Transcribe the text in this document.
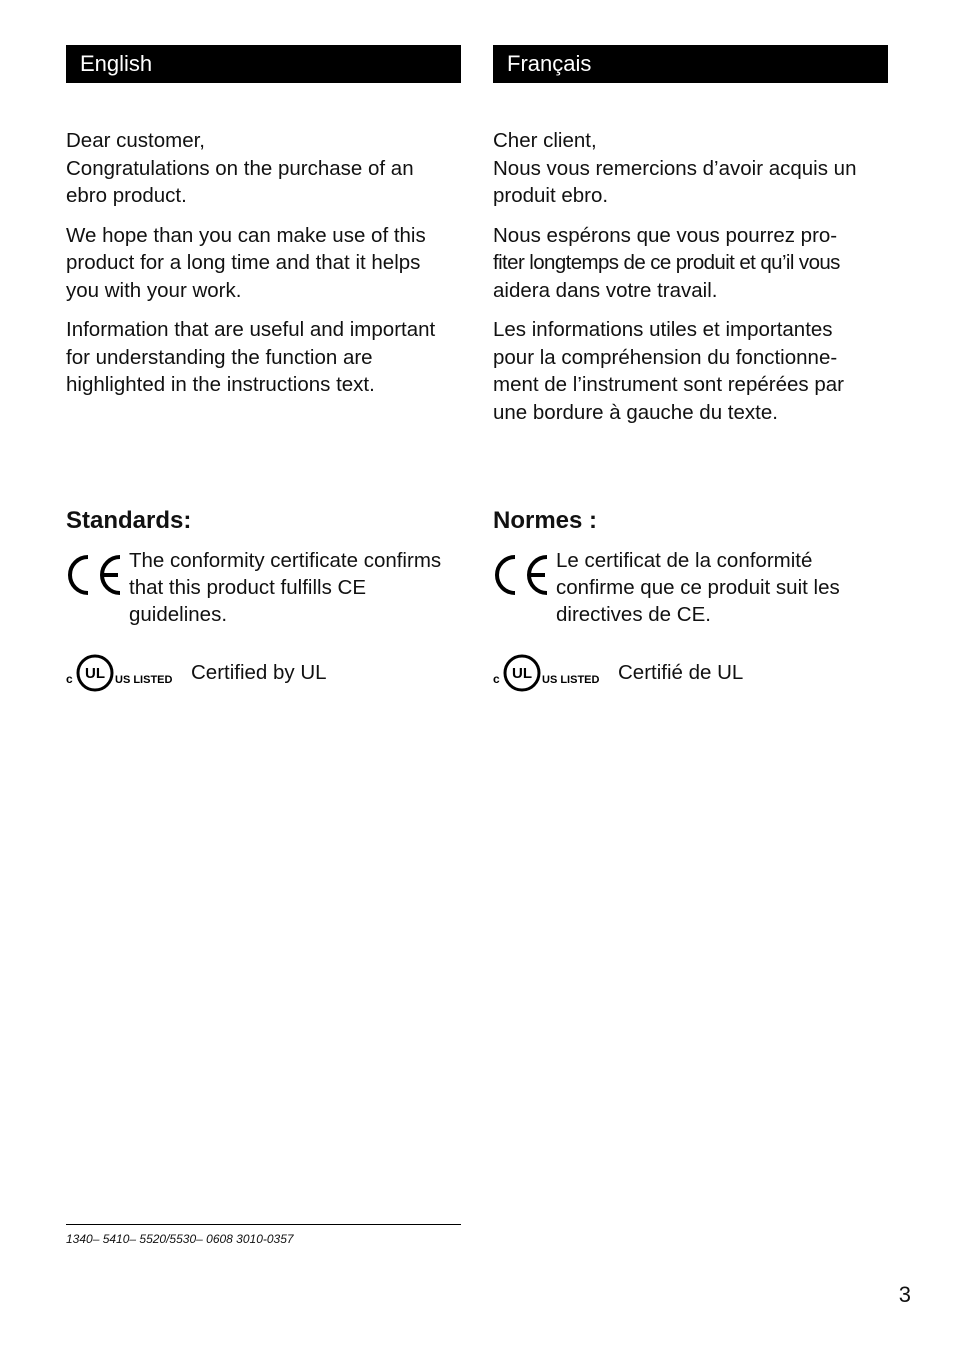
English

Dear customer,
Congratulations on the purchase of an
ebro product.

We hope than you can make use of this
product for a long time and that it helps
you with your work.

Information that are useful and important
for understanding the function are
highlighted in the instructions text.

Standards:
The conformity certificate confirms
that this product fulfills CE
guidelines.
c UL US LISTED Certified by UL
Français

Cher client,
Nous vous remercions d’avoir acquis un
produit ebro.

Nous espérons que vous pourrez pro-
fiter longtemps de ce produit et qu’il vous
aidera dans votre travail.

Les informations utiles et importantes
pour la compréhension du fonctionne-
ment de l’instrument sont repérées par
une bordure à gauche du texte.

Normes :
Le certificat de la conformité
confirme que ce produit suit les
directives de CE.
c UL US LISTED Certifié de UL
1340– 5410– 5520/5530– 0608 3010-0357
3
